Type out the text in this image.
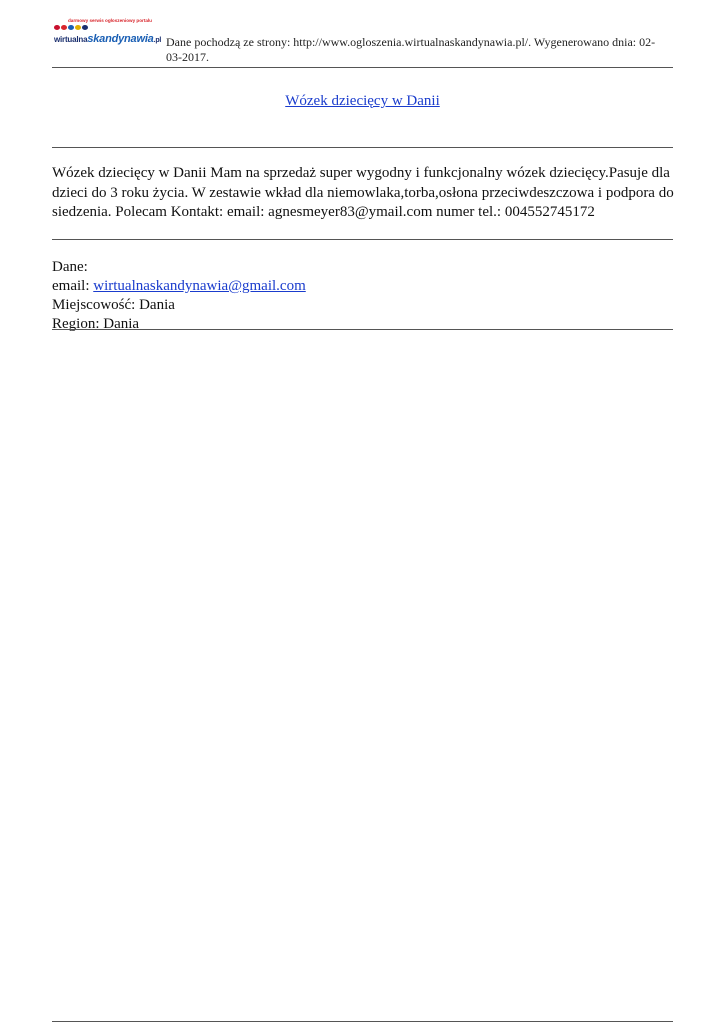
darmowy serwis ogłoszeniowy portalu
wirtualnaskandynawia.pl Dane pochodzą ze strony: http://www.ogloszenia.wirtualnaskandynawia.pl/. Wygenerowano dnia: 02-03-2017.
Wózek dziecięcy w Danii
Wózek dziecięcy w Danii Mam na sprzedaż super wygodny i funkcjonalny wózek dziecięcy.Pasuje dla dzieci do 3 roku życia. W zestawie wkład dla niemowlaka,torba,osłona przeciwdeszczowa i podpora do siedzenia. Polecam Kontakt: email: agnesmeyer83@ymail.com numer tel.: 004552745172
Dane:
email: wirtualnaskandynawia@gmail.com
Miejscowość: Dania
Region: Dania
